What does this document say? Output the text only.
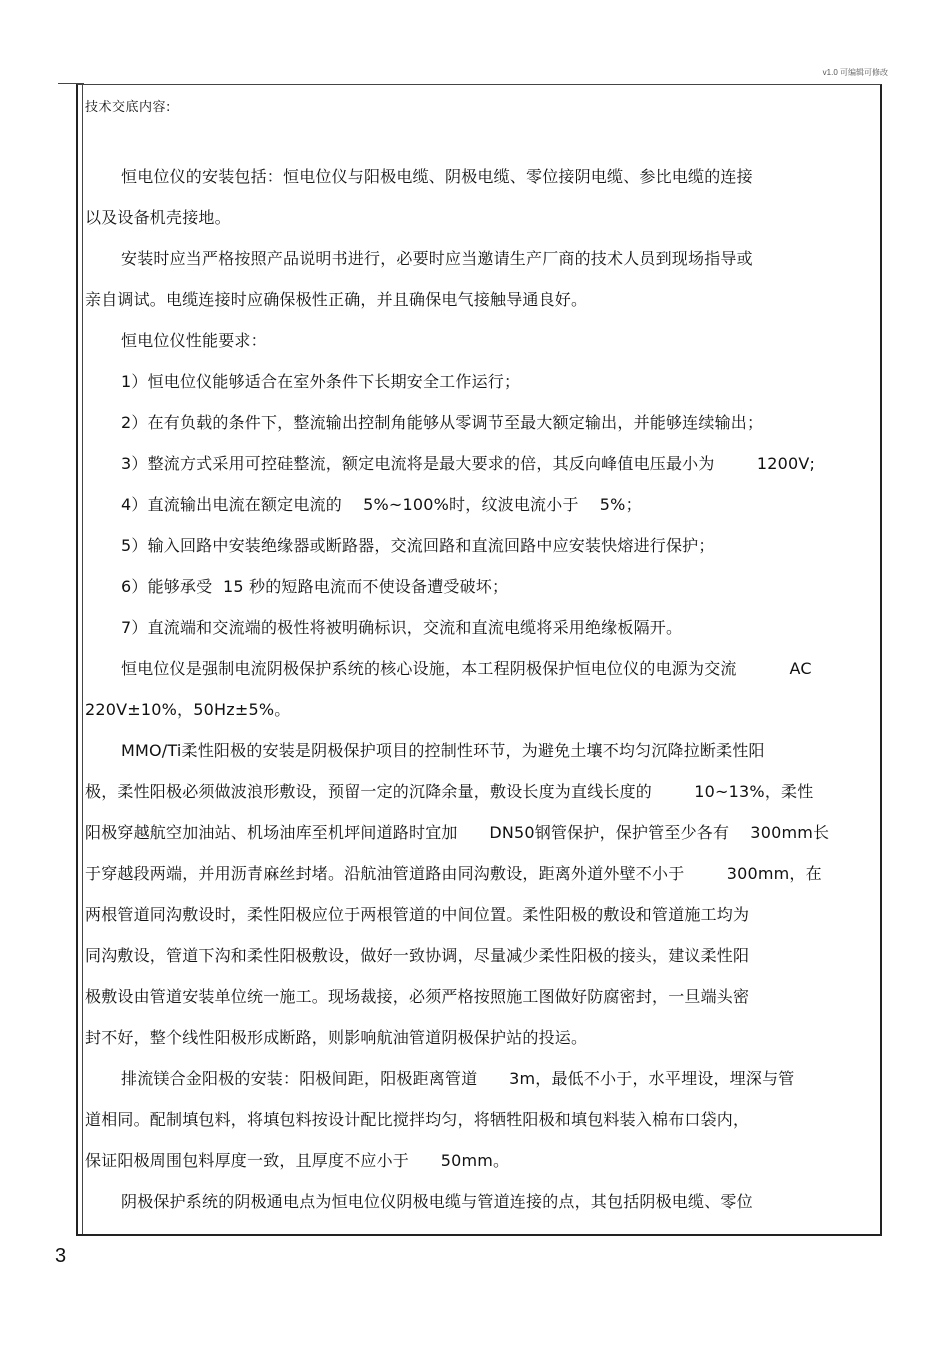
v1.0 可编辑可修改
技术交底内容:
恒电位仪的安装包括：恒电位仪与阳极电缆、阴极电缆、零位接阴电缆、参比电缆的连接
以及设备机壳接地。
安装时应当严格按照产品说明书进行，必要时应当邀请生产厂商的技术人员到现场指导或
亲自调试。电缆连接时应确保极性正确，并且确保电气接触导通良好。
恒电位仪性能要求：
1）恒电位仪能够适合在室外条件下长期安全工作运行；
2）在有负载的条件下，整流输出控制角能够从零调节至最大额定输出，并能够连续输出；
3）整流方式采用可控硅整流，额定电流将是最大要求的倍，其反向峰值电压最小为        1200V;
4）直流输出电流在额定电流的    5%~100%时，纹波电流小于    5%；
5）输入回路中安装绝缘器或断路器，交流回路和直流回路中应安装快熔进行保护；
6）能够承受  15 秒的短路电流而不使设备遭受破坏；
7）直流端和交流端的极性将被明确标识，交流和直流电缆将采用绝缘板隔开。
恒电位仪是强制电流阴极保护系统的核心设施，本工程阴极保护恒电位仪的电源为交流          AC
220V±10%，50Hz±5%。
MMO/Ti柔性阳极的安装是阴极保护项目的控制性环节，为避免土壤不均匀沉降拉断柔性阳
极，柔性阳极必须做波浪形敷设，预留一定的沉降余量，敷设长度为直线长度的        10~13%，柔性
阳极穿越航空加油站、机场油库至机坪间道路时宜加      DN50钢管保护，保护管至少各有    300mm长
于穿越段两端，并用沥青麻丝封堵。沿航油管道路由同沟敷设，距离外道外壁不小于        300mm，在
两根管道同沟敷设时，柔性阳极应位于两根管道的中间位置。柔性阳极的敷设和管道施工均为
同沟敷设，管道下沟和柔性阳极敷设，做好一致协调，尽量减少柔性阳极的接头，建议柔性阳
极敷设由管道安装单位统一施工。现场裁接，必须严格按照施工图做好防腐密封，一旦端头密
封不好，整个线性阳极形成断路，则影响航油管道阴极保护站的投运。
排流镁合金阳极的安装：阳极间距，阳极距离管道      3m，最低不小于，水平埋设，埋深与管
道相同。配制填包料，将填包料按设计配比搅拌均匀，将牺牲阳极和填包料装入棉布口袋内，
保证阳极周围包料厚度一致，且厚度不应小于      50mm。
阴极保护系统的阴极通电点为恒电位仪阴极电缆与管道连接的点，其包括阴极电缆、零位
3
